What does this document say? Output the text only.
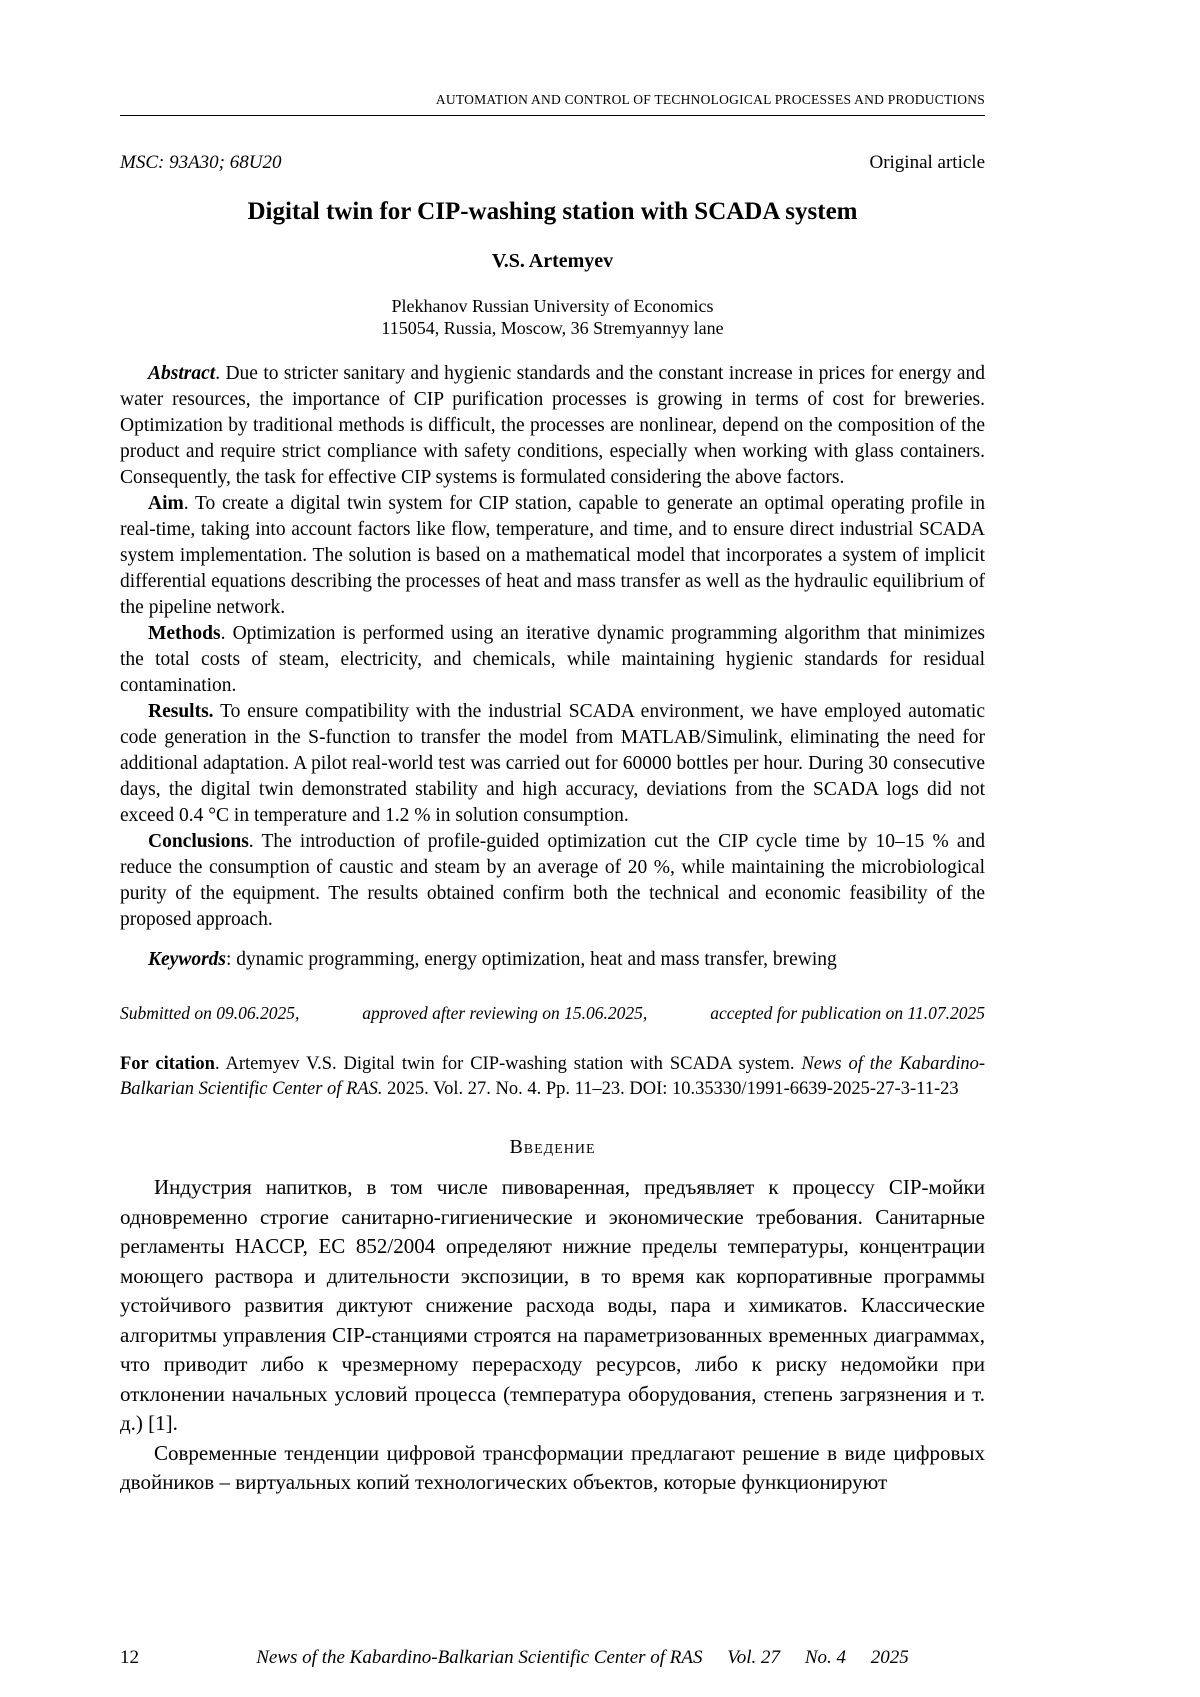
AUTOMATION AND CONTROL OF TECHNOLOGICAL PROCESSES AND PRODUCTIONS
MSC: 93A30; 68U20	Original article
Digital twin for CIP-washing station with SCADA system
V.S. Artemyev
Plekhanov Russian University of Economics
115054, Russia, Moscow, 36 Stremyannyy lane

Abstract. Due to stricter sanitary and hygienic standards and the constant increase in prices for energy and water resources, the importance of CIP purification processes is growing in terms of cost for breweries. Optimization by traditional methods is difficult, the processes are nonlinear, depend on the composition of the product and require strict compliance with safety conditions, especially when working with glass containers. Consequently, the task for effective CIP systems is formulated considering the above factors.

Aim. To create a digital twin system for CIP station, capable to generate an optimal operating profile in real-time, taking into account factors like flow, temperature, and time, and to ensure direct industrial SCADA system implementation. The solution is based on a mathematical model that incorporates a system of implicit differential equations describing the processes of heat and mass transfer as well as the hydraulic equilibrium of the pipeline network.

Methods. Optimization is performed using an iterative dynamic programming algorithm that minimizes the total costs of steam, electricity, and chemicals, while maintaining hygienic standards for residual contamination.

Results. To ensure compatibility with the industrial SCADA environment, we have employed automatic code generation in the S-function to transfer the model from MATLAB/Simulink, eliminating the need for additional adaptation. A pilot real-world test was carried out for 60000 bottles per hour. During 30 consecutive days, the digital twin demonstrated stability and high accuracy, deviations from the SCADA logs did not exceed 0.4 °C in temperature and 1.2 % in solution consumption.

Conclusions. The introduction of profile-guided optimization cut the CIP cycle time by 10–15 % and reduce the consumption of caustic and steam by an average of 20 %, while maintaining the microbiological purity of the equipment. The results obtained confirm both the technical and economic feasibility of the proposed approach.

Keywords: dynamic programming, energy optimization, heat and mass transfer, brewing
Submitted on 09.06.2025,	approved after reviewing on 15.06.2025,	accepted for publication on 11.07.2025
For citation. Artemyev V.S. Digital twin for CIP-washing station with SCADA system. News of the Kabardino-Balkarian Scientific Center of RAS. 2025. Vol. 27. No. 4. Pp. 11–23. DOI: 10.35330/1991-6639-2025-27-3-11-23
Введение

Индустрия напитков, в том числе пивоваренная, предъявляет к процессу CIP-мойки одновременно строгие санитарно-гигиенические и экономические требования. Санитарные регламенты HACCP, ЕС 852/2004 определяют нижние пределы температуры, концентрации моющего раствора и длительности экспозиции, в то время как корпоративные программы устойчивого развития диктуют снижение расхода воды, пара и химикатов. Классические алгоритмы управления CIP-станциями строятся на параметризованных временных диаграммах, что приводит либо к чрезмерному перерасходу ресурсов, либо к риску недомойки при отклонении начальных условий процесса (температура оборудования, степень загрязнения и т. д.) [1].

Современные тенденции цифровой трансформации предлагают решение в виде цифровых двойников – виртуальных копий технологических объектов, которые функционируют

12	News of the Kabardino-Balkarian Scientific Center of RAS Vol. 27 No. 4 2025
